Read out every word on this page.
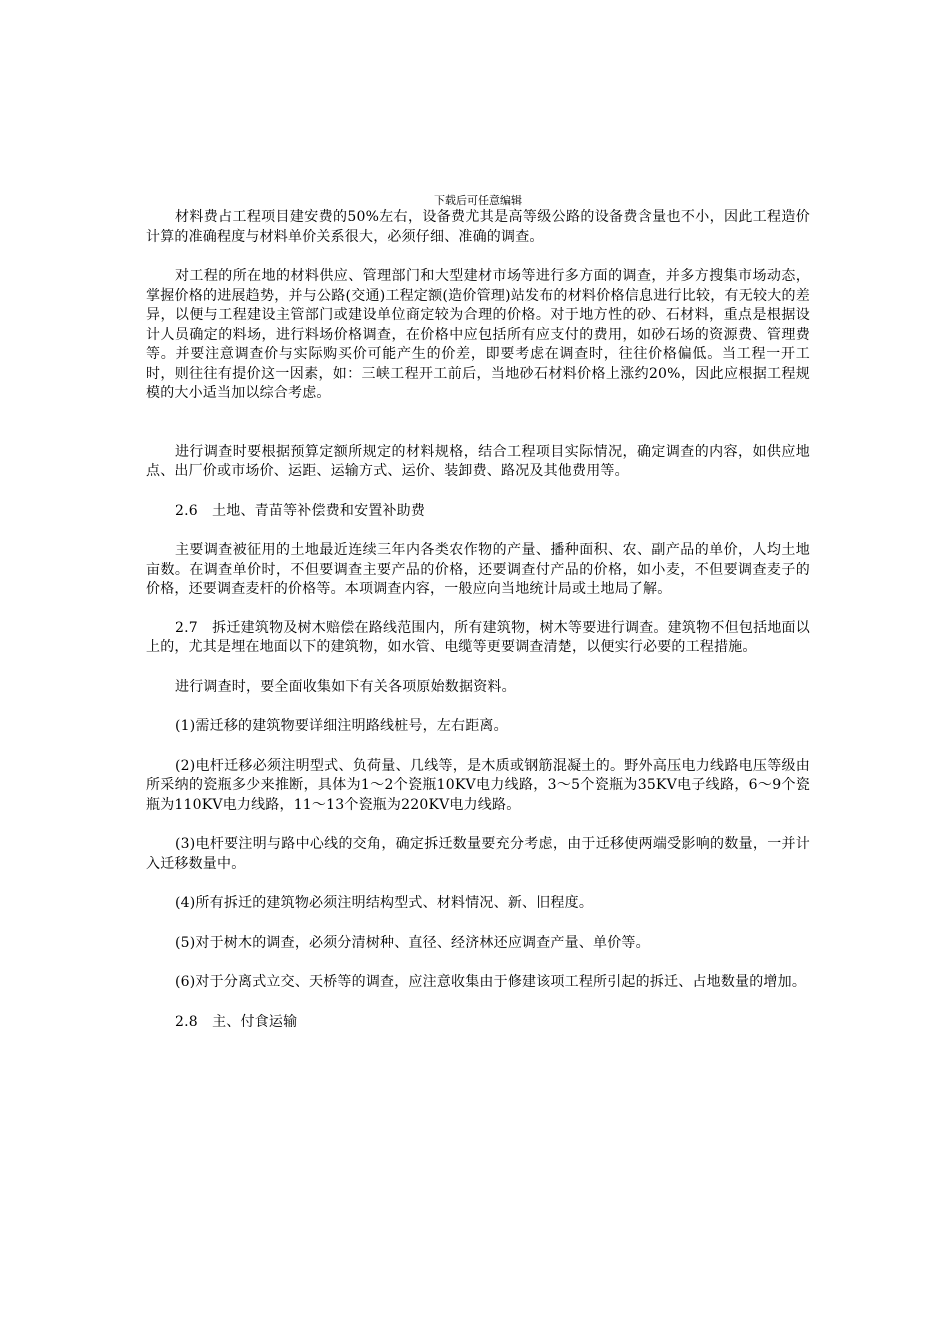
下载后可任意编辑

材料费占工程项目建安费的50%左右，设备费尤其是高等级公路的设备费含量也不小，因此工程造价计算的准确程度与材料单价关系很大，必须仔细、准确的调查。

对工程的所在地的材料供应、管理部门和大型建材市场等进行多方面的调查，并多方搜集市场动态，掌握价格的进展趋势，并与公路(交通)工程定额(造价管理)站发布的材料价格信息进行比较，有无较大的差异，以便与工程建设主管部门或建设单位商定较为合理的价格。对于地方性的砂、石材料，重点是根据设计人员确定的料场，进行料场价格调查，在价格中应包括所有应支付的费用，如砂石场的资源费、管理费等。并要注意调查价与实际购买价可能产生的价差，即要考虑在调查时，往往价格偏低。当工程一开工时，则往往有提价这一因素，如：三峡工程开工前后，当地砂石材料价格上涨约20%，因此应根据工程规模的大小适当加以综合考虑。

进行调查时要根据预算定额所规定的材料规格，结合工程项目实际情况，确定调查的内容，如供应地点、出厂价或市场价、运距、运输方式、运价、装卸费、路况及其他费用等。

2.6　土地、青苗等补偿费和安置补助费

主要调查被征用的土地最近连续三年内各类农作物的产量、播种面积、农、副产品的单价，人均土地亩数。在调查单价时，不但要调查主要产品的价格，还要调查付产品的价格，如小麦，不但要调查麦子的价格，还要调查麦杆的价格等。本项调查内容，一般应向当地统计局或土地局了解。

2.7　拆迁建筑物及树木赔偿在路线范围内，所有建筑物，树木等要进行调查。建筑物不但包括地面以上的，尤其是埋在地面以下的建筑物，如水管、电缆等更要调查清楚，以便实行必要的工程措施。

进行调查时，要全面收集如下有关各项原始数据资料。

(1)需迁移的建筑物要详细注明路线桩号，左右距离。

(2)电杆迁移必须注明型式、负荷量、几线等，是木质或钢筋混凝土的。野外高压电力线路电压等级由所采纳的瓷瓶多少来推断，具体为1～2个瓷瓶10KV电力线路，3～5个瓷瓶为35KV电子线路，6～9个瓷瓶为110KV电力线路，11～13个瓷瓶为220KV电力线路。

(3)电杆要注明与路中心线的交角，确定拆迁数量要充分考虑，由于迁移使两端受影响的数量，一并计入迁移数量中。

(4)所有拆迁的建筑物必须注明结构型式、材料情况、新、旧程度。

(5)对于树木的调查，必须分清树种、直径、经济林还应调查产量、单价等。

(6)对于分离式立交、天桥等的调查，应注意收集由于修建该项工程所引起的拆迁、占地数量的增加。

2.8　主、付食运输
